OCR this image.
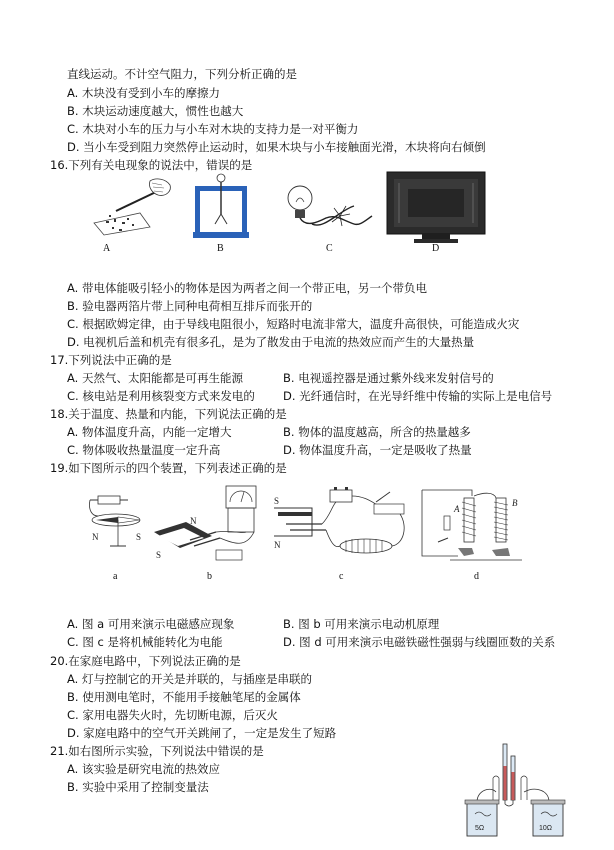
直线运动。不计空气阻力，下列分析正确的是
A. 木块没有受到小车的摩擦力
B. 木块运动速度越大，惯性也越大
C. 木块对小车的压力与小车对木块的支持力是一对平衡力
D. 当小车受到阻力突然停止运动时，如果木块与小车接触面光滑，木块将向右倾倒
16.下列有关电现象的说法中，错误的是
A	B	C	D
A. 带电体能吸引轻小的物体是因为两者之间一个带正电，另一个带负电
B. 验电器两箔片带上同种电荷相互排斥而张开的
C. 根据欧姆定律，由于导线电阻很小，短路时电流非常大，温度升高很快，可能造成火灾
D. 电视机后盖和机壳有很多孔，是为了散发由于电流的热效应而产生的大量热量
17.下列说法中正确的是
A. 天然气、太阳能都是可再生能源	B. 电视遥控器是通过紫外线来发射信号的
C. 核电站是利用核裂变方式来发电的 D. 光纤通信时，在光导纤维中传输的实际上是电信号
18.关于温度、热量和内能，下列说法正确的是
A. 物体温度升高，内能一定增大	B. 物体的温度越高，所含的热量越多
C. 物体吸收热量温度一定升高	D. 物体温度升高，一定是吸收了热量
19.如下图所示的四个装置，下列表述正确的是
N	S
a
N
S
b
S
N
c
A
B
d
A. 图 a 可用来演示电磁感应现象	B. 图 b 可用来演示电动机原理
C. 图 c 是将机械能转化为电能	D. 图 d 可用来演示电磁铁磁性强弱与线圈匝数的关系
20.在家庭电路中，下列说法正确的是
A. 灯与控制它的开关是并联的，与插座是串联的
B. 使用测电笔时，不能用手接触笔尾的金属体
C. 家用电器失火时，先切断电源，后灭火
D. 家庭电路中的空气开关跳闸了，一定是发生了短路
21.如右图所示实验，下列说法中错误的是
A. 该实验是研究电流的热效应
B. 实验中采用了控制变量法
5Ω	10Ω
